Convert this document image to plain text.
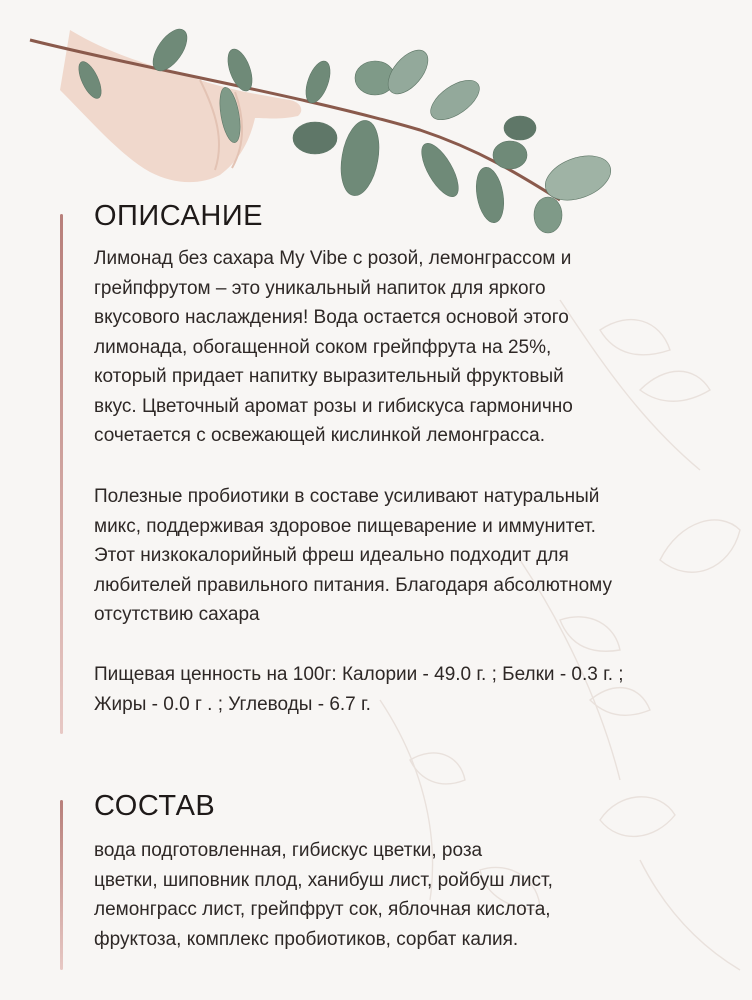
ОПИСАНИЕ

Лимонад без сахара My Vibe с розой, лемонграссом и
грейпфрутом – это уникальный напиток для яркого
вкусового наслаждения! Вода остается основой этого
лимонада, обогащенной соком грейпфрута на 25%,
который придает напитку выразительный фруктовый
вкус. Цветочный аромат розы и гибискуса гармонично
сочетается с освежающей кислинкой лемонграсса.

Полезные пробиотики в составе усиливают натуральный
микс, поддерживая здоровое пищеварение и иммунитет.
Этот низкокалорийный фреш идеально подходит для
любителей правильного питания. Благодаря абсолютному
отсутствию сахара

Пищевая ценность на 100г: Калории - 49.0 г. ; Белки - 0.3 г. ;
Жиры - 0.0 г . ; Углеводы - 6.7 г.

СОСТАВ

вода подготовленная, гибискус цветки, роза
цветки, шиповник плод, ханибуш лист, ройбуш лист,
лемонграсс лист, грейпфрут сок, яблочная кислота,
фруктоза, комплекс пробиотиков, сорбат калия.
